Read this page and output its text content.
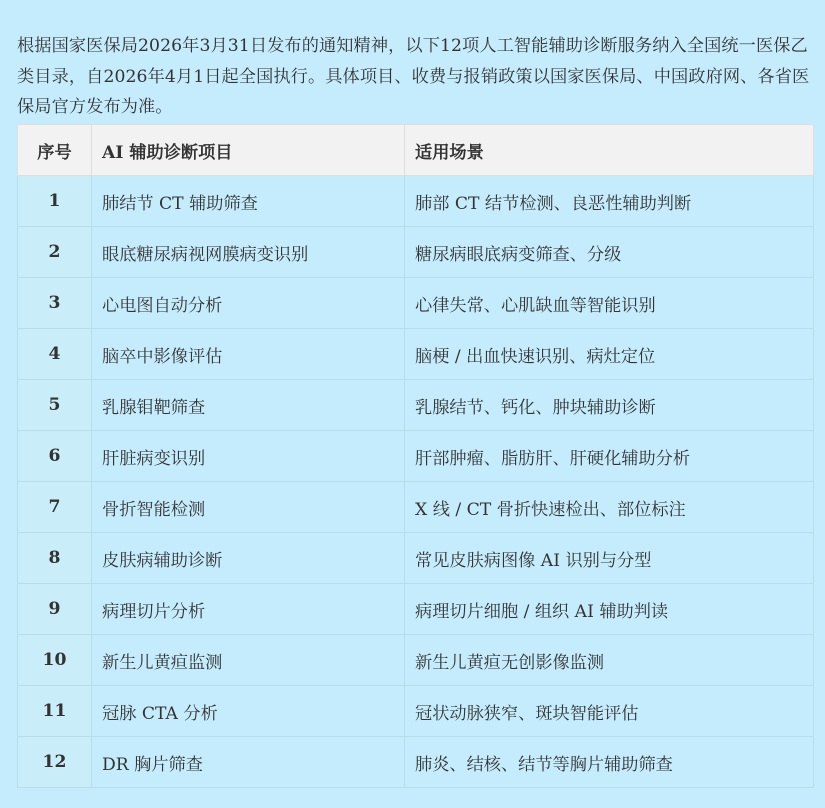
根据国家医保局2026年3月31日发布的通知精神，以下12项人工智能辅助诊断服务纳入全国统一医保乙类目录，自2026年4月1日起全国执行。具体项目、收费与报销政策以国家医保局、中国政府网、各省医保局官方发布为准。

序号	AI 辅助诊断项目	适用场景
1	肺结节 CT 辅助筛查	肺部 CT 结节检测、良恶性辅助判断
2	眼底糖尿病视网膜病变识别	糖尿病眼底病变筛查、分级
3	心电图自动分析	心律失常、心肌缺血等智能识别
4	脑卒中影像评估	脑梗 / 出血快速识别、病灶定位
5	乳腺钼靶筛查	乳腺结节、钙化、肿块辅助诊断
6	肝脏病变识别	肝部肿瘤、脂肪肝、肝硬化辅助分析
7	骨折智能检测	X 线 / CT 骨折快速检出、部位标注
8	皮肤病辅助诊断	常见皮肤病图像 AI 识别与分型
9	病理切片分析	病理切片细胞 / 组织 AI 辅助判读
10	新生儿黄疸监测	新生儿黄疸无创影像监测
11	冠脉 CTA 分析	冠状动脉狭窄、斑块智能评估
12	DR 胸片筛查	肺炎、结核、结节等胸片辅助筛查
